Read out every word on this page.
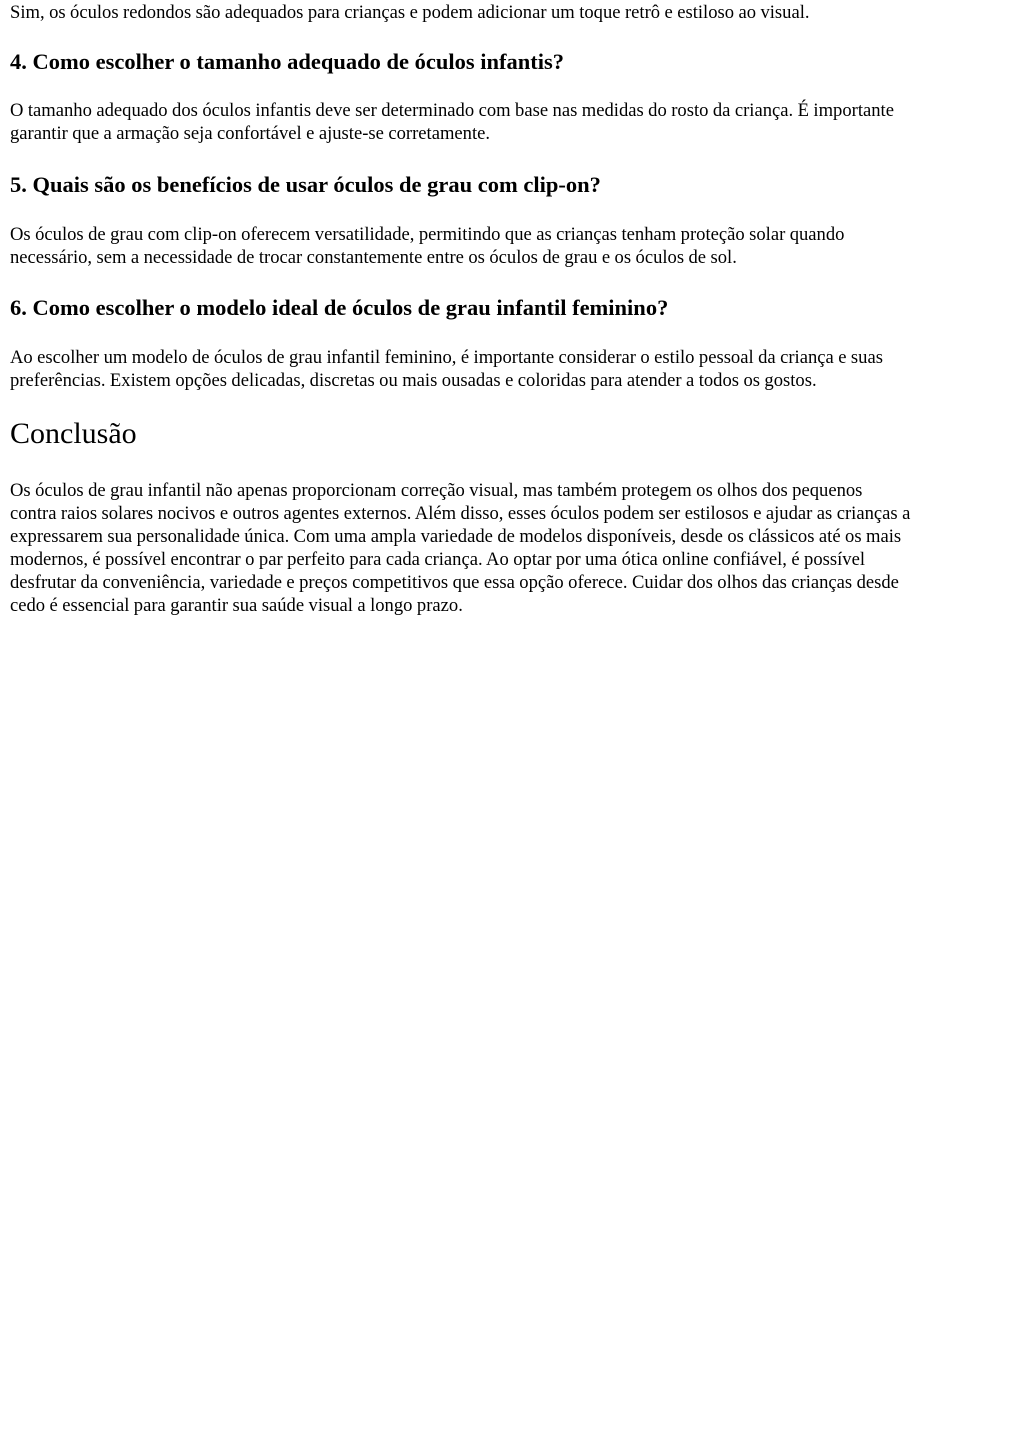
Sim, os óculos redondos são adequados para crianças e podem adicionar um toque retrô e estiloso ao visual.

4. Como escolher o tamanho adequado de óculos infantis?

O tamanho adequado dos óculos infantis deve ser determinado com base nas medidas do rosto da criança. É importante
garantir que a armação seja confortável e ajuste-se corretamente.

5. Quais são os benefícios de usar óculos de grau com clip-on?

Os óculos de grau com clip-on oferecem versatilidade, permitindo que as crianças tenham proteção solar quando
necessário, sem a necessidade de trocar constantemente entre os óculos de grau e os óculos de sol.

6. Como escolher o modelo ideal de óculos de grau infantil feminino?

Ao escolher um modelo de óculos de grau infantil feminino, é importante considerar o estilo pessoal da criança e suas
preferências. Existem opções delicadas, discretas ou mais ousadas e coloridas para atender a todos os gostos.

Conclusão

Os óculos de grau infantil não apenas proporcionam correção visual, mas também protegem os olhos dos pequenos
contra raios solares nocivos e outros agentes externos. Além disso, esses óculos podem ser estilosos e ajudar as crianças a
expressarem sua personalidade única. Com uma ampla variedade de modelos disponíveis, desde os clássicos até os mais
modernos, é possível encontrar o par perfeito para cada criança. Ao optar por uma ótica online confiável, é possível
desfrutar da conveniência, variedade e preços competitivos que essa opção oferece. Cuidar dos olhos das crianças desde
cedo é essencial para garantir sua saúde visual a longo prazo.
